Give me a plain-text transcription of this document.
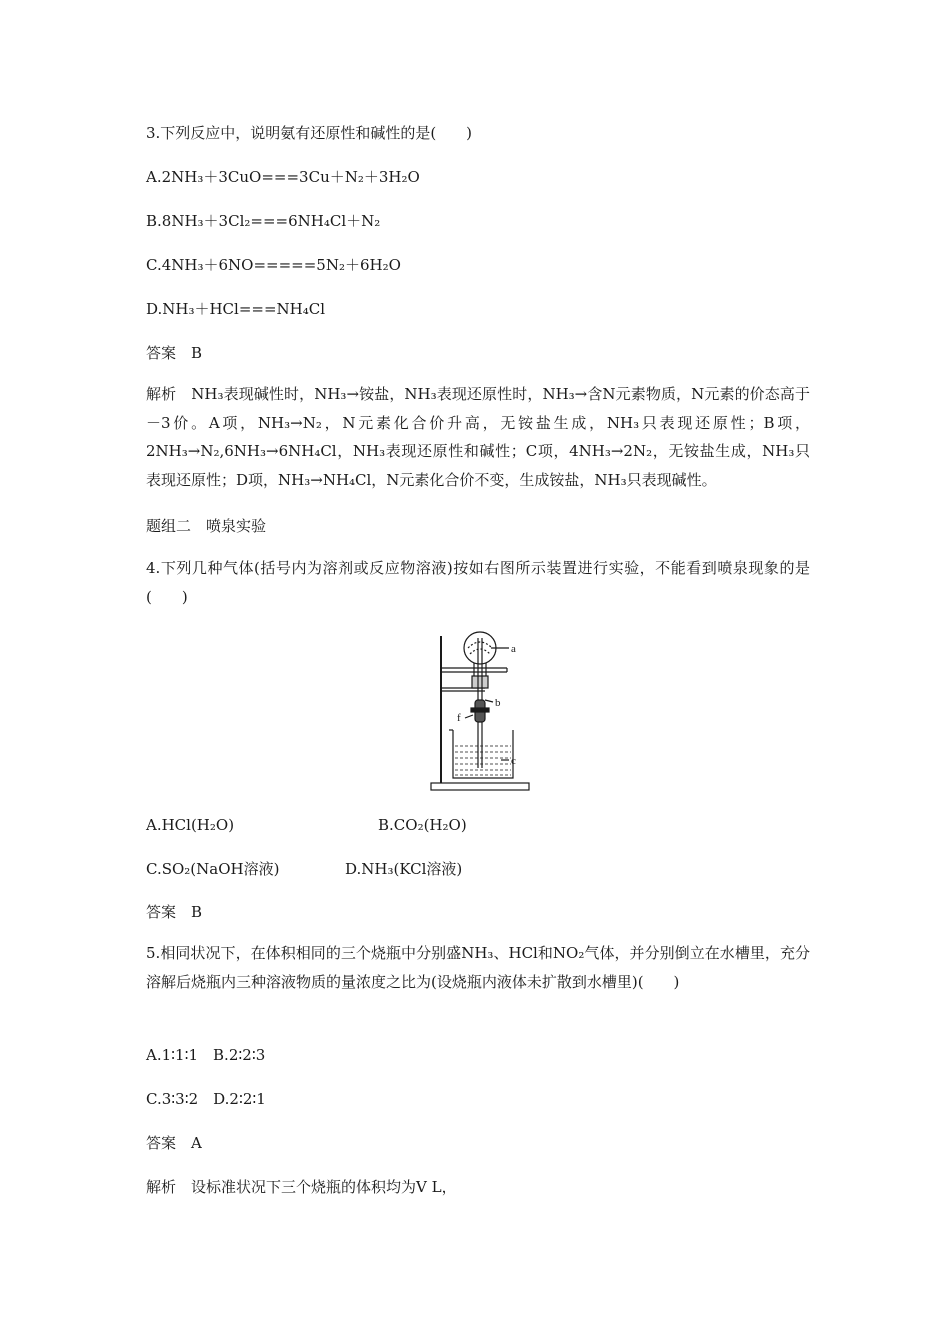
3.下列反应中，说明氨有还原性和碱性的是(　　)
A.2NH₃＋3CuO===3Cu＋N₂＋3H₂O
B.8NH₃＋3Cl₂===6NH₄Cl＋N₂
C.4NH₃＋6NO=====5N₂＋6H₂O
D.NH₃＋HCl===NH₄Cl
答案　B
解析　NH₃表现碱性时，NH₃→铵盐，NH₃表现还原性时，NH₃→含N元素物质，N元素的价态高于－3价。A项，NH₃→N₂，N元素化合价升高，无铵盐生成，NH₃只表现还原性；B项，2NH₃→N₂,6NH₃→6NH₄Cl，NH₃表现还原性和碱性；C项，4NH₃→2N₂，无铵盐生成，NH₃只表现还原性；D项，NH₃→NH₄Cl，N元素化合价不变，生成铵盐，NH₃只表现碱性。
题组二　喷泉实验
4.下列几种气体(括号内为溶剂或反应物溶液)按如右图所示装置进行实验，不能看到喷泉现象的是(　　)
a
b
f
c
A.HCl(H₂O)	B.CO₂(H₂O)
C.SO₂(NaOH溶液)	D.NH₃(KCl溶液)
答案　B
5.相同状况下，在体积相同的三个烧瓶中分别盛NH₃、HCl和NO₂气体，并分别倒立在水槽里，充分溶解后烧瓶内三种溶液物质的量浓度之比为(设烧瓶内液体未扩散到水槽里)(　　)
A.1∶1∶1　B.2∶2∶3
C.3∶3∶2　D.2∶2∶1
答案　A
解析　设标准状况下三个烧瓶的体积均为V L，
